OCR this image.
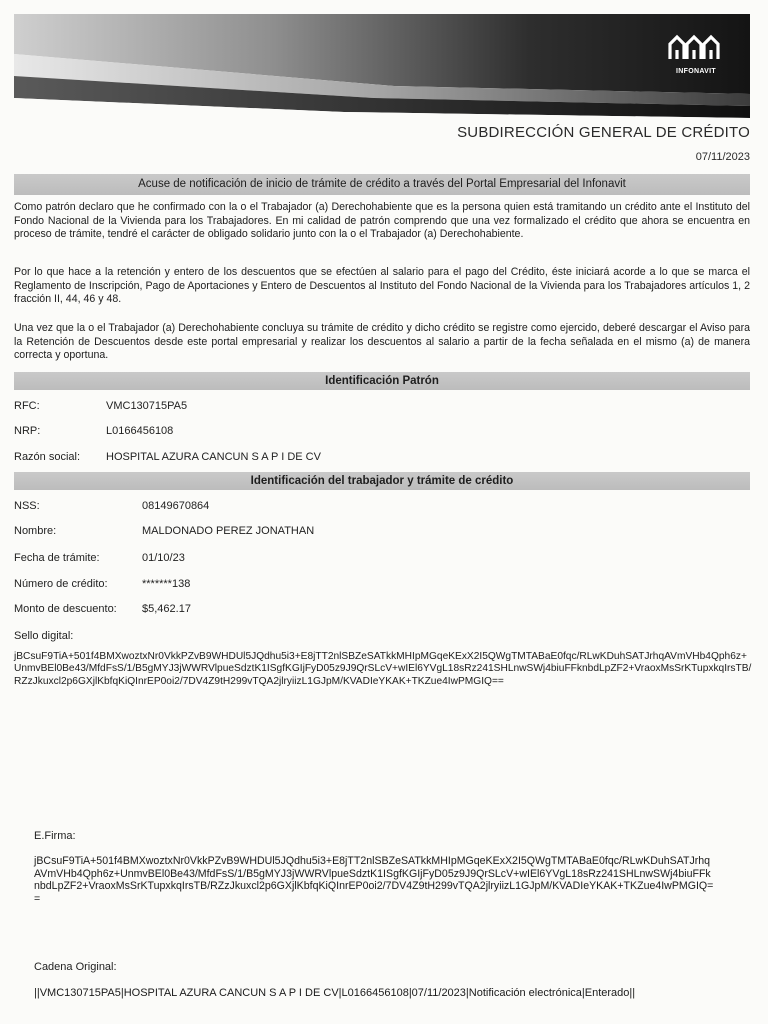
INFONAVIT
SUBDIRECCIÓN GENERAL DE CRÉDITO
07/11/2023
Acuse de notificación de inicio de trámite de crédito a través del Portal Empresarial del Infonavit
Como patrón declaro que he confirmado con la o el Trabajador (a) Derechohabiente que es la persona quien está tramitando un crédito ante el Instituto del Fondo Nacional de la Vivienda para los Trabajadores. En mi calidad de patrón comprendo que una vez formalizado el crédito que ahora se encuentra en proceso de trámite, tendré el carácter de obligado solidario junto con la o el Trabajador (a) Derechohabiente.
Por lo que hace a la retención y entero de los descuentos que se efectúen al salario para el pago del Crédito, éste iniciará acorde a lo que se marca el Reglamento de Inscripción, Pago de Aportaciones y Entero de Descuentos al Instituto del Fondo Nacional de la Vivienda para los Trabajadores artículos 1, 2 fracción II, 44, 46 y 48.
Una vez que la o el Trabajador (a) Derechohabiente concluya su trámite de crédito y dicho crédito se registre como ejercido, deberé descargar el Aviso para la Retención de Descuentos desde este portal empresarial y realizar los descuentos al salario a partir de la fecha señalada en el mismo (a) de manera correcta y oportuna.
Identificación Patrón
RFC:	VMC130715PA5
NRP:	L0166456108
Razón social: HOSPITAL AZURA CANCUN S A P I DE CV
Identificación del trabajador y trámite de crédito
NSS:	08149670864
Nombre:	MALDONADO PEREZ JONATHAN
Fecha de trámite:	01/10/23
Número de crédito:	*******138
Monto de descuento: $5,462.17
Sello digital:
jBCsuF9TiA+501f4BMXwoztxNr0VkkPZvB9WHDUl5JQdhu5i3+E8jTT2nlSBZeSATkkMHIpMGqeKExX2I5QWgTMTABaE0fqc/RLwKDuhSATJrhqAVmVHb4Qph6z+UnmvBEl0Be43/MfdFsS/1/B5gMYJ3jWWRVlpueSdztK1ISgfKGIjFyD05z9J9QrSLcV+wIEl6YVgL18sRz241SHLnwSWj4biuFFknbdLpZF2+VraoxMsSrKTupxkqIrsTB/RZzJkuxcl2p6GXjlKbfqKiQInrEP0oi2/7DV4Z9tH299vTQA2jlryiizL1GJpM/KVADIeYKAK+TKZue4IwPMGIQ==
E.Firma:
jBCsuF9TiA+501f4BMXwoztxNr0VkkPZvB9WHDUl5JQdhu5i3+E8jTT2nlSBZeSATkkMHIpMGqeKExX2I5QWgTMTABaE0fqc/RLwKDuhSATJrhqAVmVHb4Qph6z+UnmvBEl0Be43/MfdFsS/1/B5gMYJ3jWWRVlpueSdztK1ISgfKGIjFyD05z9J9QrSLcV+wIEl6YVgL18sRz241SHLnwSWj4biuFFknbdLpZF2+VraoxMsSrKTupxkqIrsTB/RZzJkuxcl2p6GXjlKbfqKiQInrEP0oi2/7DV4Z9tH299vTQA2jlryiizL1GJpM/KVADIeYKAK+TKZue4IwPMGIQ==
Cadena Original:
||VMC130715PA5|HOSPITAL AZURA CANCUN S A P I DE CV|L0166456108|07/11/2023|Notificación electrónica|Enterado||
